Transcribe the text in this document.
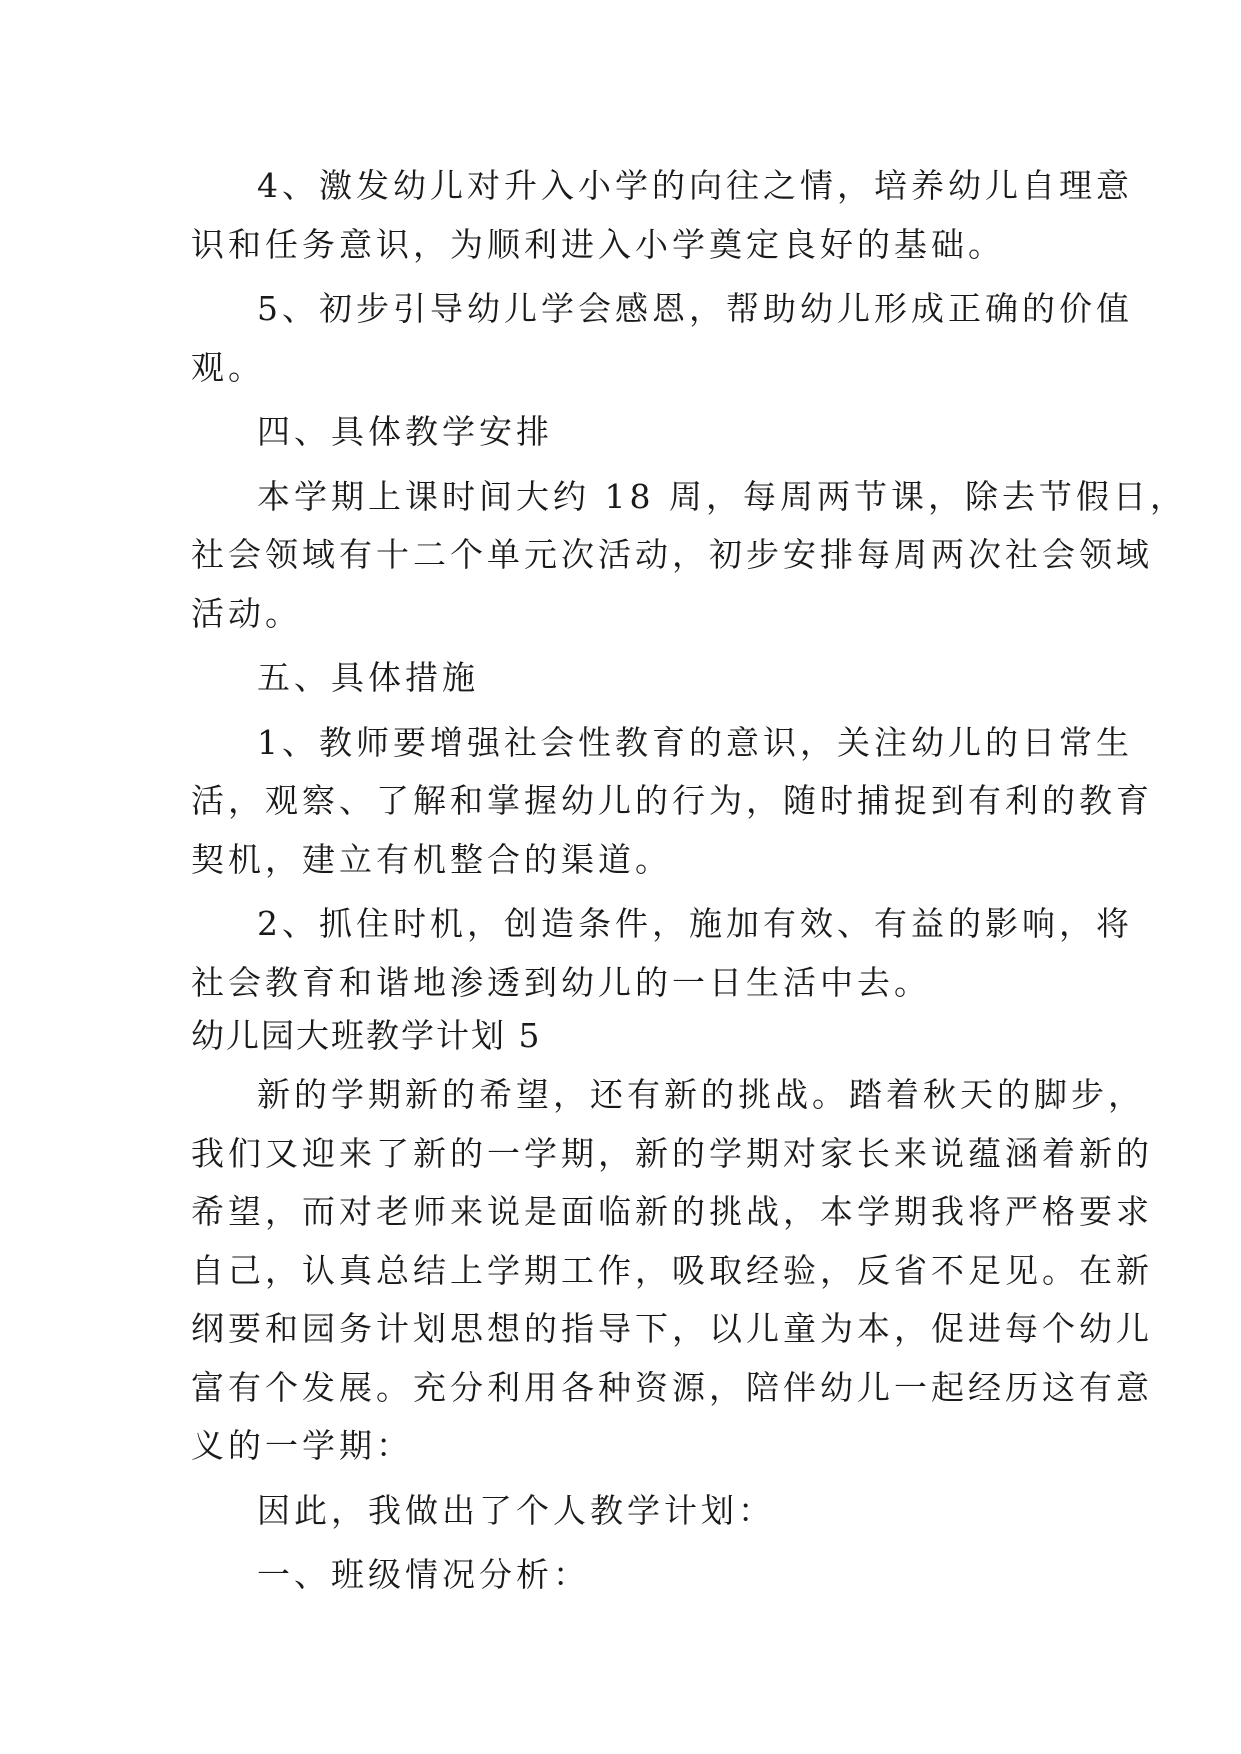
4、激发幼儿对升入小学的向往之情，培养幼儿自理意
识和任务意识，为顺利进入小学奠定良好的基础。
5、初步引导幼儿学会感恩，帮助幼儿形成正确的价值
观。
四、具体教学安排
本学期上课时间大约 18 周，每周两节课，除去节假日，
社会领域有十二个单元次活动，初步安排每周两次社会领域
活动。
五、具体措施
1、教师要增强社会性教育的意识，关注幼儿的日常生
活，观察、了解和掌握幼儿的行为，随时捕捉到有利的教育
契机，建立有机整合的渠道。
2、抓住时机，创造条件，施加有效、有益的影响，将
社会教育和谐地渗透到幼儿的一日生活中去。
幼儿园大班教学计划 5
新的学期新的希望，还有新的挑战。踏着秋天的脚步，
我们又迎来了新的一学期，新的学期对家长来说蕴涵着新的
希望，而对老师来说是面临新的挑战，本学期我将严格要求
自己，认真总结上学期工作，吸取经验，反省不足见。在新
纲要和园务计划思想的指导下，以儿童为本，促进每个幼儿
富有个发展。充分利用各种资源，陪伴幼儿一起经历这有意
义的一学期：
因此，我做出了个人教学计划：
一、班级情况分析：
